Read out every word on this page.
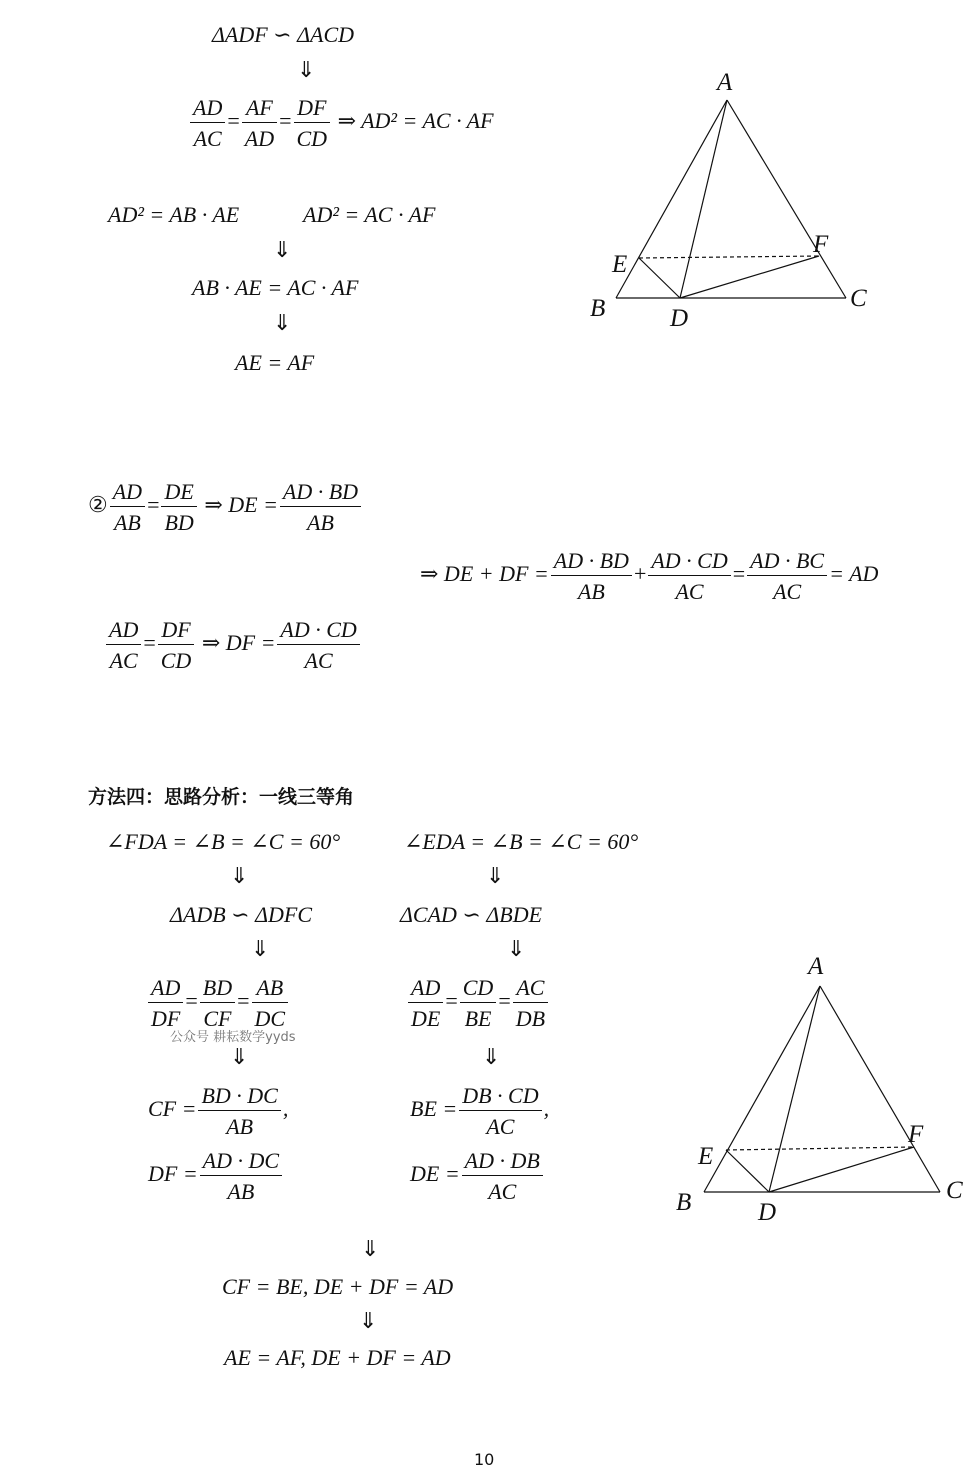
ΔADF ∽ ΔACD
⇓
$\frac{AD}{AC} = \frac{AF}{AD} = \frac{DF}{CD}$ ⇒ AD² = AC · AF
AD² = AB · AE	AD² = AC · AF
⇓
AB · AE = AC · AF
⇓
AE = AF
A
B	C
D
E
F
② $\frac{AD}{AB} = \frac{DE}{BD}$ ⇒ DE = $\frac{AD \cdot BD}{AB}$
⇒ DE + DF = $\frac{AD \cdot BD}{AB} + \frac{AD \cdot CD}{AC} = \frac{AD \cdot BC}{AC}$ = AD
$\frac{AD}{AC} = \frac{DF}{CD}$ ⇒ DF = $\frac{AD \cdot CD}{AC}$
方法四：思路分析：一线三等角
∠FDA = ∠B = ∠C = 60°
⇓
ΔADB ∽ ΔDFC
⇓
$\frac{AD}{DF} = \frac{BD}{CF} = \frac{AB}{DC}$
公众号 耕耘数学yyds
⇓
CF = $\frac{BD \cdot DC}{AB}$ ,
DF = $\frac{AD \cdot DC}{AB}$
∠EDA = ∠B = ∠C = 60°
⇓
ΔCAD ∽ ΔBDE
⇓
$\frac{AD}{DE} = \frac{CD}{BE} = \frac{AC}{DB}$
⇓
BE = $\frac{DB \cdot CD}{AC}$ ,
DE = $\frac{AD \cdot DB}{AC}$
⇓
CF = BE, DE + DF = AD
⇓
AE = AF, DE + DF = AD
A
B	C
D
E
F
10
